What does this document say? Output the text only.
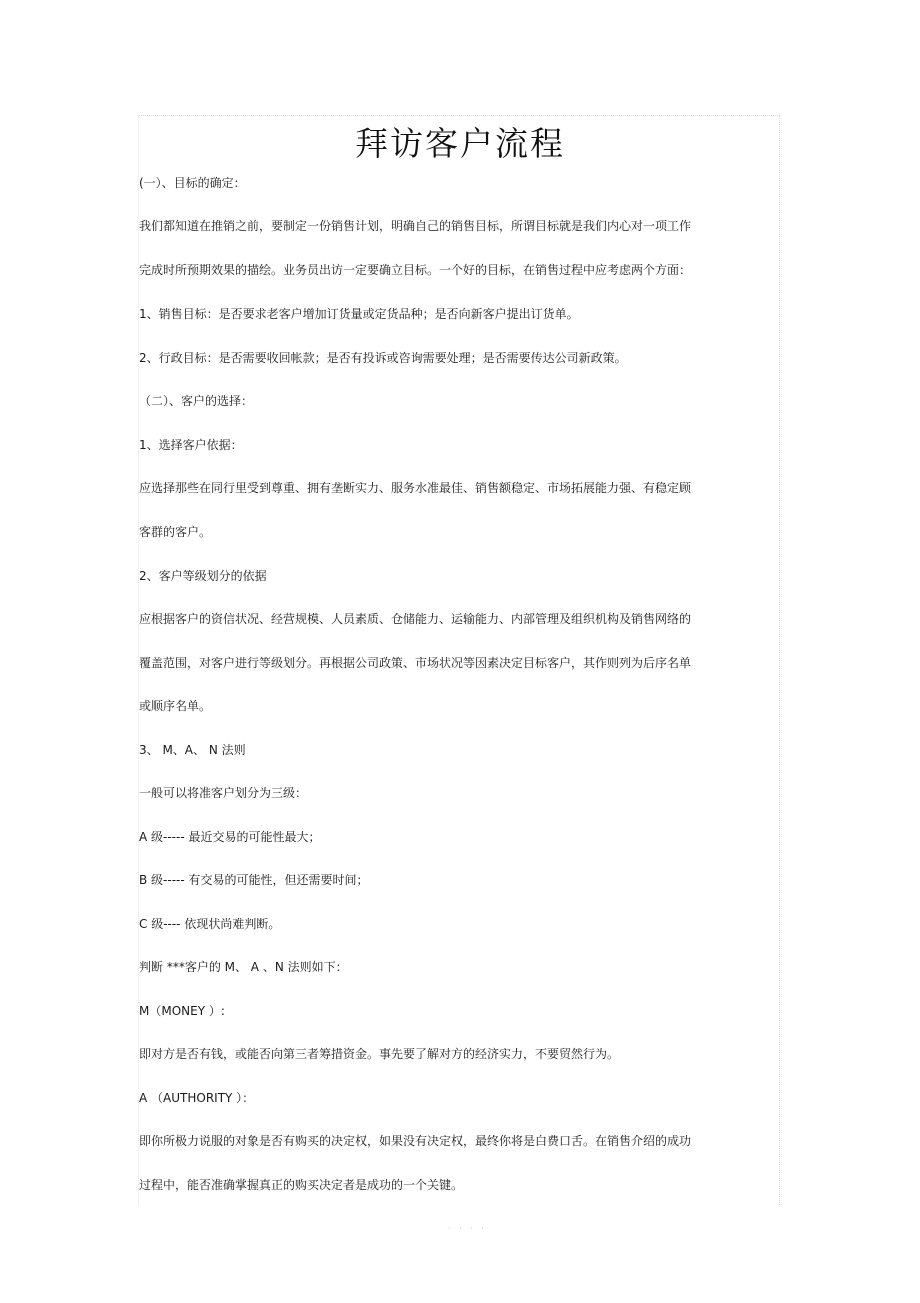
拜访客户流程

(一）、目标的确定：

我们都知道在推销之前，要制定一份销售计划，明确自己的销售目标，所谓目标就是我们内心对一项工作

完成时所预期效果的描绘。业务员出访一定要确立目标。一个好的目标，在销售过程中应考虑两个方面：

1、销售目标：是否要求老客户增加订货量或定货品种；是否向新客户提出订货单。

2、行政目标：是否需要收回帐款；是否有投诉或咨询需要处理；是否需要传达公司新政策。

（二）、客户的选择：

1、选择客户依据：

应选择那些在同行里受到尊重、拥有垄断实力、服务水准最佳、销售额稳定、市场拓展能力强、有稳定顾

客群的客户。

2、客户等级划分的依据

应根据客户的资信状况、经营规模、人员素质、仓储能力、运输能力、内部管理及组织机构及销售网络的

覆盖范围，对客户进行等级划分。再根据公司政策、市场状况等因素决定目标客户，其作则列为后序名单

或顺序名单。

3、 M、A、 N 法则

一般可以将准客户划分为三级：

A 级----- 最近交易的可能性最大；

B 级----- 有交易的可能性，但还需要时间；

C 级---- 依现状尚难判断。

判断 ***客户的 M、 A 、N 法则如下：

M（MONEY ）:

即对方是否有钱，或能否向第三者筹措资金。事先要了解对方的经济实力，不要贸然行为。

A （AUTHORITY ）：

即你所极力说服的对象是否有购买的决定权，如果没有决定权，最终你将是白费口舌。在销售介绍的成功

过程中，能否准确掌握真正的购买决定者是成功的一个关键。

· · · ·
